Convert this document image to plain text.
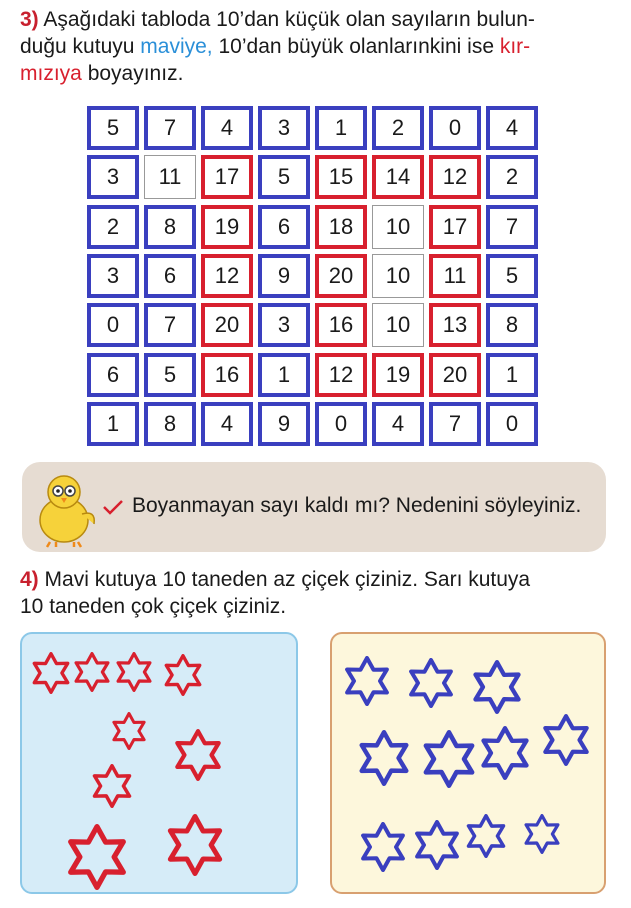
3) Aşağıdaki tabloda 10’dan küçük olan sayıların bulun-
duğu kutuyu maviye, 10’dan büyük olanlarınkini ise kır-
mızıya boyayınız.
5	7	4	3	1	2	0	4
3	11	17	5	15	14	12	2
2	8	19	6	18	10	17	7
3	6	12	9	20	10	11	5
0	7	20	3	16	10	13	8
6	5	16	1	12	19	20	1
1	8	4	9	0	4	7	0
Boyanmayan sayı kaldı mı? Nedenini söyleyiniz.
4) Mavi kutuya 10 taneden az çiçek çiziniz. Sarı kutuya
10 taneden çok çiçek çiziniz.
